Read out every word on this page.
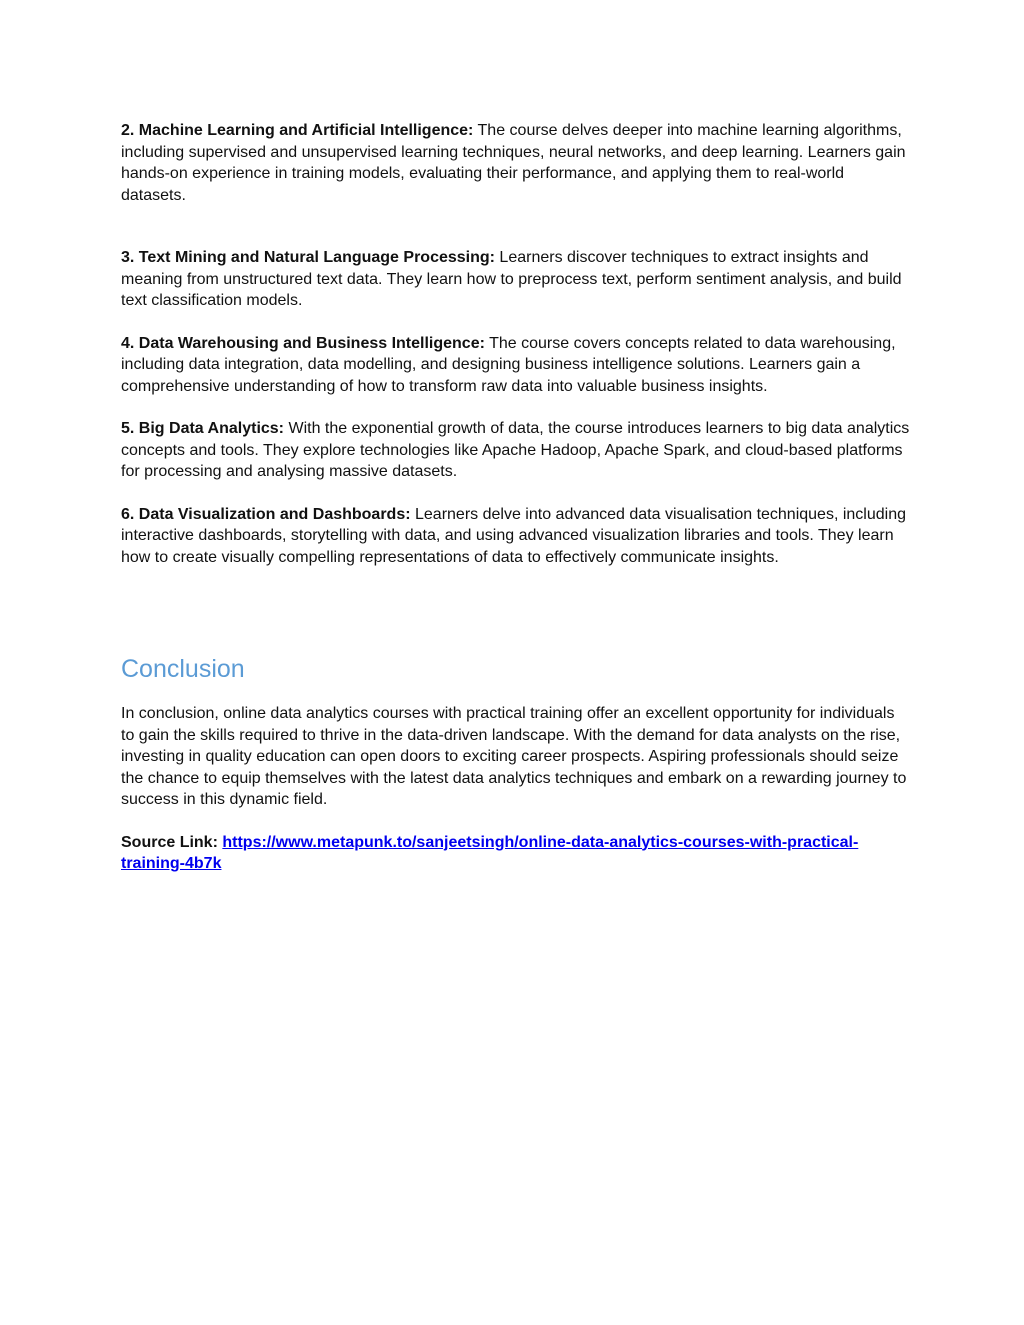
2. Machine Learning and Artificial Intelligence: The course delves deeper into machine learning algorithms, including supervised and unsupervised learning techniques, neural networks, and deep learning. Learners gain hands-on experience in training models, evaluating their performance, and applying them to real-world datasets.

3. Text Mining and Natural Language Processing: Learners discover techniques to extract insights and meaning from unstructured text data. They learn how to preprocess text, perform sentiment analysis, and build text classification models.

4. Data Warehousing and Business Intelligence: The course covers concepts related to data warehousing, including data integration, data modelling, and designing business intelligence solutions. Learners gain a comprehensive understanding of how to transform raw data into valuable business insights.

5. Big Data Analytics: With the exponential growth of data, the course introduces learners to big data analytics concepts and tools. They explore technologies like Apache Hadoop, Apache Spark, and cloud-based platforms for processing and analysing massive datasets.

6. Data Visualization and Dashboards: Learners delve into advanced data visualisation techniques, including interactive dashboards, storytelling with data, and using advanced visualization libraries and tools. They learn how to create visually compelling representations of data to effectively communicate insights.

Conclusion

In conclusion, online data analytics courses with practical training offer an excellent opportunity for individuals to gain the skills required to thrive in the data-driven landscape. With the demand for data analysts on the rise, investing in quality education can open doors to exciting career prospects. Aspiring professionals should seize the chance to equip themselves with the latest data analytics techniques and embark on a rewarding journey to success in this dynamic field.

Source Link: https://www.metapunk.to/sanjeetsingh/online-data-analytics-courses-with-practical-training-4b7k
